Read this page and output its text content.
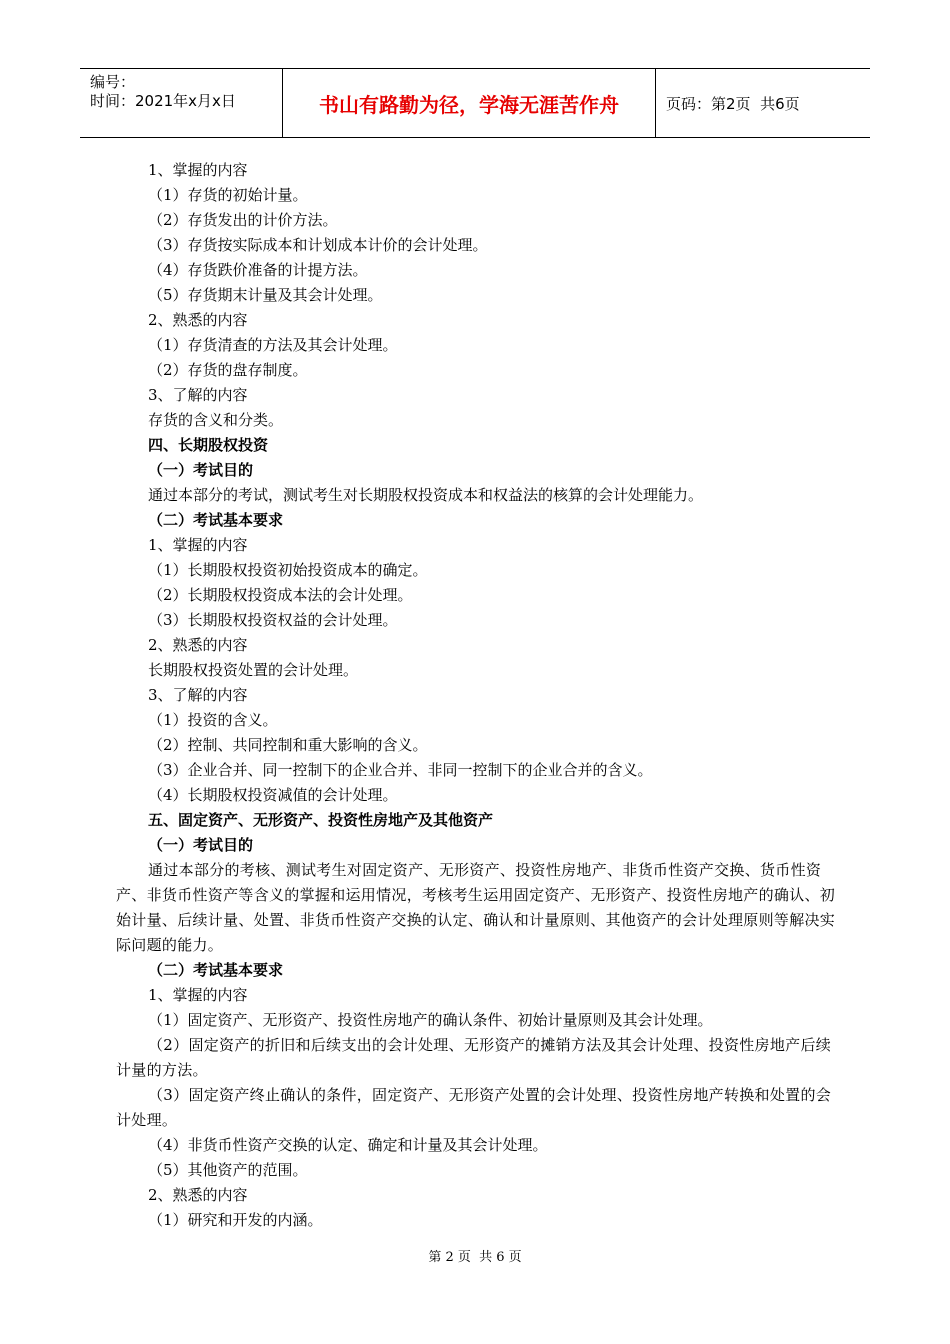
编号：
时间：2021年x月x日	书山有路勤为径，学海无涯苦作舟	页码：第2页  共6页
1、掌握的内容
（1）存货的初始计量。
（2）存货发出的计价方法。
（3）存货按实际成本和计划成本计价的会计处理。
（4）存货跌价准备的计提方法。
（5）存货期末计量及其会计处理。
2、熟悉的内容
（1）存货清查的方法及其会计处理。
（2）存货的盘存制度。
3、了解的内容
存货的含义和分类。
四、长期股权投资
（一）考试目的
通过本部分的考试，测试考生对长期股权投资成本和权益法的核算的会计处理能力。
（二）考试基本要求
1、掌握的内容
（1）长期股权投资初始投资成本的确定。
（2）长期股权投资成本法的会计处理。
（3）长期股权投资权益的会计处理。
2、熟悉的内容
长期股权投资处置的会计处理。
3、了解的内容
（1）投资的含义。
（2）控制、共同控制和重大影响的含义。
（3）企业合并、同一控制下的企业合并、非同一控制下的企业合并的含义。
（4）长期股权投资减值的会计处理。
五、固定资产、无形资产、投资性房地产及其他资产
（一）考试目的
通过本部分的考核、测试考生对固定资产、无形资产、投资性房地产、非货币性资产交换、货币性资产、非货币性资产等含义的掌握和运用情况，考核考生运用固定资产、无形资产、投资性房地产的确认、初始计量、后续计量、处置、非货币性资产交换的认定、确认和计量原则、其他资产的会计处理原则等解决实际问题的能力。
（二）考试基本要求
1、掌握的内容
（1）固定资产、无形资产、投资性房地产的确认条件、初始计量原则及其会计处理。
（2）固定资产的折旧和后续支出的会计处理、无形资产的摊销方法及其会计处理、投资性房地产后续计量的方法。
（3）固定资产终止确认的条件，固定资产、无形资产处置的会计处理、投资性房地产转换和处置的会计处理。
（4）非货币性资产交换的认定、确定和计量及其会计处理。
（5）其他资产的范围。
2、熟悉的内容
（1）研究和开发的内涵。
第 2 页  共 6 页
